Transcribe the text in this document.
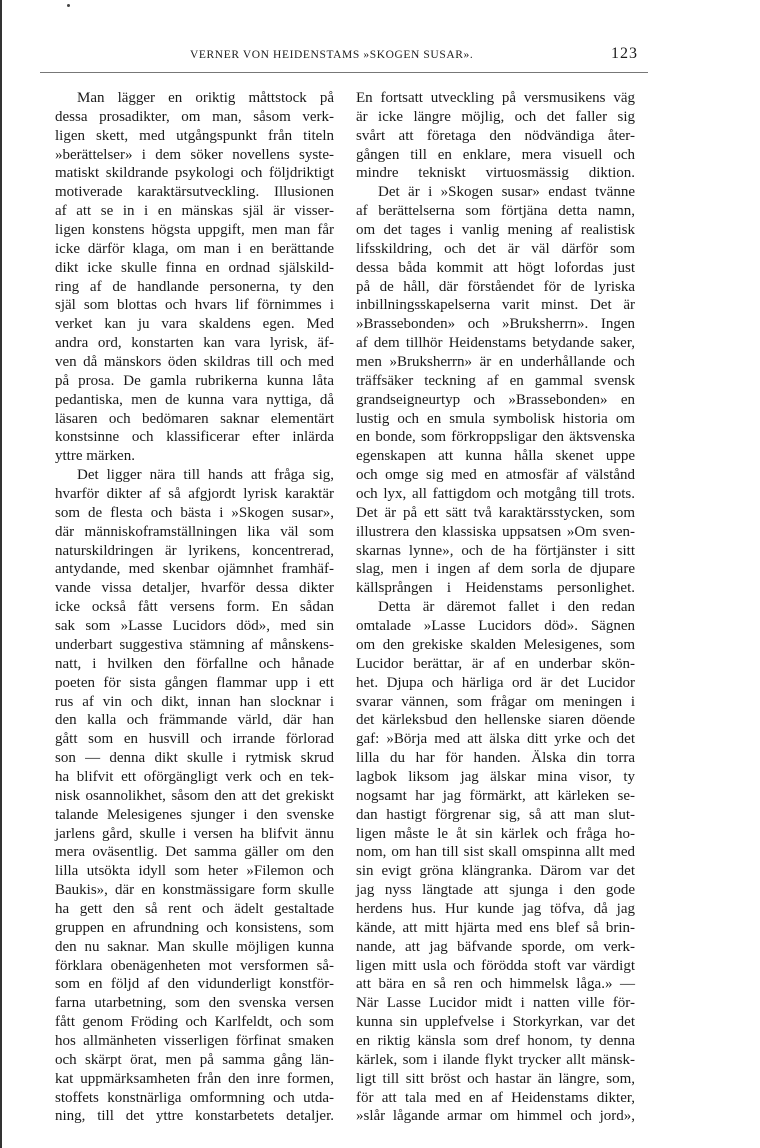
VERNER VON HEIDENSTAMS »SKOGEN SUSAR».	123
Man lägger en oriktig måttstock på
dessa prosadikter, om man, såsom verk-
ligen skett, med utgångspunkt från titeln
»berättelser» i dem söker novellens syste-
matiskt skildrande psykologi och följdriktigt
motiverade karaktärsutveckling. Illusionen
af att se in i en mänskas själ är visser-
ligen konstens högsta uppgift, men man får
icke därför klaga, om man i en berättande
dikt icke skulle finna en ordnad själskild-
ring af de handlande personerna, ty den
själ som blottas och hvars lif förnimmes i
verket kan ju vara skaldens egen. Med
andra ord, konstarten kan vara lyrisk, äf-
ven då mänskors öden skildras till och med
på prosa. De gamla rubrikerna kunna låta
pedantiska, men de kunna vara nyttiga, då
läsaren och bedömaren saknar elementärt
konstsinne och klassificerar efter inlärda
yttre märken.
Det ligger nära till hands att fråga sig,
hvarför dikter af så afgjordt lyrisk karaktär
som de flesta och bästa i »Skogen susar»,
där människoframställningen lika väl som
naturskildringen är lyrikens, koncentrerad,
antydande, med skenbar ojämnhet framhäf-
vande vissa detaljer, hvarför dessa dikter
icke också fått versens form. En sådan
sak som »Lasse Lucidors död», med sin
underbart suggestiva stämning af månskens-
natt, i hvilken den förfallne och hånade
poeten för sista gången flammar upp i ett
rus af vin och dikt, innan han slocknar i
den kalla och främmande värld, där han
gått som en husvill och irrande förlorad
son — denna dikt skulle i rytmisk skrud
ha blifvit ett oförgängligt verk och en tek-
nisk osannolikhet, såsom den att det grekiskt
talande Melesigenes sjunger i den svenske
jarlens gård, skulle i versen ha blifvit ännu
mera oväsentlig. Det samma gäller om den
lilla utsökta idyll som heter »Filemon och
Baukis», där en konstmässigare form skulle
ha gett den så rent och ädelt gestaltade
gruppen en afrundning och konsistens, som
den nu saknar. Man skulle möjligen kunna
förklara obenägenheten mot versformen så-
som en följd af den vidunderligt konstför-
farna utarbetning, som den svenska versen
fått genom Fröding och Karlfeldt, och som
hos allmänheten visserligen förfinat smaken
och skärpt örat, men på samma gång län-
kat uppmärksamheten från den inre formen,
stoffets konstnärliga omformning och utda-
ning, till det yttre konstarbetets detaljer.
En fortsatt utveckling på versmusikens väg
är icke längre möjlig, och det faller sig
svårt att företaga den nödvändiga åter-
gången till en enklare, mera visuell och
mindre tekniskt virtuosmässig diktion.
Det är i »Skogen susar» endast tvänne
af berättelserna som förtjäna detta namn,
om det tages i vanlig mening af realistisk
lifsskildring, och det är väl därför som
dessa båda kommit att högt lofordas just
på de håll, där förståendet för de lyriska
inbillningsskapelserna varit minst. Det är
»Brassebonden» och »Bruksherrn». Ingen
af dem tillhör Heidenstams betydande saker,
men »Bruksherrn» är en underhållande och
träffsäker teckning af en gammal svensk
grandseigneurtyp och »Brassebonden» en
lustig och en smula symbolisk historia om
en bonde, som förkroppsligar den äktsvenska
egenskapen att kunna hålla skenet uppe
och omge sig med en atmosfär af välstånd
och lyx, all fattigdom och motgång till trots.
Det är på ett sätt två karaktärsstycken, som
illustrera den klassiska uppsatsen »Om sven-
skarnas lynne», och de ha förtjänster i sitt
slag, men i ingen af dem sorla de djupare
källsprången i Heidenstams personlighet.
Detta är däremot fallet i den redan
omtalade »Lasse Lucidors död». Sägnen
om den grekiske skalden Melesigenes, som
Lucidor berättar, är af en underbar skön-
het. Djupa och härliga ord är det Lucidor
svarar vännen, som frågar om meningen i
det kärleksbud den hellenske siaren döende
gaf: »Börja med att älska ditt yrke och det
lilla du har för handen. Älska din torra
lagbok liksom jag älskar mina visor, ty
nogsamt har jag förmärkt, att kärleken se-
dan hastigt förgrenar sig, så att man slut-
ligen måste le åt sin kärlek och fråga ho-
nom, om han till sist skall omspinna allt med
sin evigt gröna klängranka. Därom var det
jag nyss längtade att sjunga i den gode
herdens hus. Hur kunde jag töfva, då jag
kände, att mitt hjärta med ens blef så brin-
nande, att jag bäfvande sporde, om verk-
ligen mitt usla och förödda stoft var värdigt
att bära en så ren och himmelsk låga.» —
När Lasse Lucidor midt i natten ville för-
kunna sin upplefvelse i Storkyrkan, var det
en riktig känsla som dref honom, ty denna
kärlek, som i ilande flykt trycker allt mänsk-
ligt till sitt bröst och hastar än längre, som,
för att tala med en af Heidenstams dikter,
»slår lågande armar om himmel och jord»,
